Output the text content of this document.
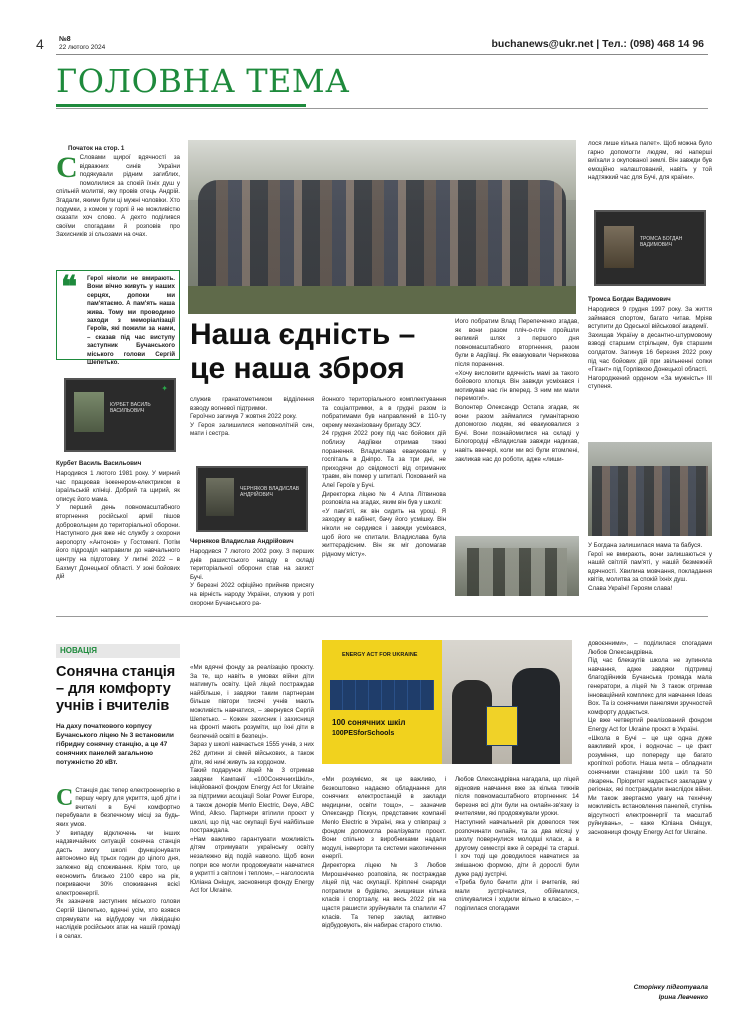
4 №8
22 лютого 2024	buchanews@ukr.net | Тел.: (098) 468 14 96
ГОЛОВНА ТЕМА
Початок на стор. 1
С Словами щирої вдячності за відважних синів України подякували рідним загиблих, помолилися за спокій їхніх душ у спільній молитві, яку провів отець Андрій. Згадали, якими були ці мужні чоловіки. Хто подумки, з комом у горлі й не можливістю сказати хоч слово. А дехто поділився своїми спогадами й розповів про Захисників зі сльозами на очах.
❝ Герої ніколи не вмирають. Вони вічно живуть у наших серцях, допоки ми пам'ятаємо. А пам'ять наша жива. Тому ми проводимо заходи з меморіалізації Героїв, які пожили за нами, – сказав під час виступу заступник Бучанського міського голови Сергій Шепетько.
КУРБЕТ ВАСИЛЬ ВАСИЛЬОВИЧ
✦
Курбет Василь Васильович
Народився 1 лютого 1981 року. У мирний час працював інженером-електриком в ізраїльській клініці. Добрий та щирий, як описує його мама.
У перший день повномасштабного вторгнення російської армії пішов добровольцем до територіальної оборони. Наступного дня вже ніс службу з охорони аеропорту «Антонов» у Гостомелі. Потім його підрозділ направили до навчального центру на підготовку. У липні 2022 – в Бахмут Донецької області. У зоні бойових дій
Наша єдність –
це наша зброя
служив гранатометником відділення взводу вогневої підтримки.
Героїчно загинув 7 жовтня 2022 року.
У Героя залишилися неповнолітній син, мати і сестра.
ЧЕРНЯКОВ ВЛАДИСЛАВ АНДРІЙОВИЧ
Черняков Владислав Андрійович
Народився 7 лютого 2002 року. З перших днів рашистського нападу в складі територіальної оборони став на захист Бучі.
У березні 2022 офіційно прийняв присягу на вірність народу України, служив у роті охорони Бучанського ра-
йонного територіального комплектування та соціалтримки, а в грудні разом із побратимами був направлений в 110-ту окрему механізовану бригаду ЗСУ.
24 грудня 2022 року під час бойових дій поблизу Авдіївки отримав тяжкі поранення. Владислава евакуювали у госпіталь в Дніпро. Та за три дні, не приходячи до свідомості від отриманих травм, він помер у шпиталі. Похований на Алеї Героїв у Бучі.
Директорка ліцею № 4 Алла Літвинова розповіла на згадах, яким він був у школі:
«У пам'яті, як він сидить на уроці. Я заходжу в кабінет, бачу його усмішку. Він ніколи не сердився і завжди усміхався, щоб його не спитали. Владислава була життєрадісним. Він як міг допомагав рідному місту».
Його побратим Влад Перепеченко згадав, як вони разом пліч-о-пліч пройшли великий шлях з першого дня повномасштабного вторгнення, разом були в Авдіївці. Як евакуювали Чернякова після поранення.
«Хочу висловити вдячність мамі за такого бойового хлопця. Він завжди усміхався і мотивував нас гін вперед. З ним ми мали перемоги!».
Волонтер Олександр Остапа згадав, як вони разом займалися гуманітарною допомогою людям, які евакуювалися з Бучі. Вони познайомилися на складі у Білогородці «Владислав завжди надихав, навіть ввечері, коли ми всі були втомлені, закликав нас до роботи, адже «лиши-
лося лише кілька палет». Щоб можна було гарно допомогти людям, які наперші виїхали з окупованої землі. Він завжди був емоційно налаштований, навіть у той надтяжкий час для Бучі, для країни».
ТРОМСА БОГДАН ВАДИМОВИЧ
Тромса Богдан Вадимович
Народився 9 грудня 1997 року. За життя займався спортом, багато читав. Мріяв вступити до Одеської військової академії.
Захищав Україну в десантно-штурмовому взводі старшим стрільцем, був старшим солдатом. Загинув 16 березня 2022 року під час бойових дій при звільненні сопки «Гігант» під Горлівкою Донецької області.
Нагороджений орденом «За мужність» III ступеня.
У Богдана залишилася мама та бабуся.
Герої не вмирають, вони залишаються у нашій світлій пам'яті, у нашій безмежній вдячності. Хвилина мовчання, покладання квітів, молитва за спокій їхніх душ.
Слава Україні! Героям слава!
НОВАЦІЯ
Сонячна станція – для комфорту учнів і вчителів
На даху початкового корпусу Бучанського ліцею № 3 встановили гібридну сонячну станцію, а це 47 сонячних панелей загальною потужністю 20 кВт.

С Станція дає тепер електроенергію в першу чергу для укриття, щоб діти і вчителі в Бучі комфортно перебували в безпечному місці за будь-яких умов.
У випадку відключень чи інших надзвичайних ситуацій сонячна станція дасть змогу школі функціонувати автономно від трьох годин до цілого дня, залежно від споживання. Крім того, це економить близько 2100 євро на рік, покриваючи 30% споживання всієї електроенергії.
Як зазначив заступник міського голови Сергій Шепетько, вдячні усім, хто взявся спрямувати на відбудову чи ліквідацію наслідків російських атак на нашій громаді і в селах.

«Ми вдячні фонду за реалізацію проєкту. За те, що навіть в умовах війни діти матимуть освіту. Цей ліцей постраждав найбільше, і завдяки таким партнерам більше півтори тисячі учнів мають можливість навчатися, – звернувся Сергій Шепетько. – Кожен захисник і захисниця на фронті мають розуміти, що їхні діти в безпечній освіті в безпеці».
Зараз у школі навчається 1555 учнів, з них 262 дитини зі сімей військових, а також діти, які нині живуть за кордоном.
Такий подарунок ліцей № 3 отримав завдяки Кампанії «100СонячнихШкіл», ініційованої фондом Energy Act for Ukraine за підтримки асоціації Solar Power Europe, а також донорів Menlo Electric, Deye, ABC Wind, Alkso. Партнери втілили проєкт у школі, що під час окупації Бучі найбільше постраждала.
«Нам важливо гарантувати можливість дітям отримувати українську освіту незалежно від подій навколо. Щоб вони попри все могли продовжувати навчатися в укритті з світлом і теплом», – наголосила Юліана Оніщук, засновниця фонду Energy Act for Ukraine.
ENERGY ACT FOR UKRAINE
100 сонячних шкіл
100PESforSchools
«Ми розуміємо, як це важливо, і безкоштовно надаємо обладнання для сонячних електростанцій в заклади медицини, освіти тощо», – зазначив Олександр Піскун, представник компанії Menlo Electric в Україні, яка у співпраці з фондом допомогла реалізувати проєкт. Вони спільно з виробниками надали модулі, інвертори та системи накопичення енергії.
Директорка ліцею № 3 Любов Мирошніченко розповіла, як постраждав ліцей під час окупації. Кріплені снаряди потрапили в будівлю, знищивши кілька класів і спортзалу, на весь 2022 рік на щастя рашисти зруйнували та спалили 47 класів. Та тепер заклад активно відбудовують, він набирає старого стилю.
Любов Олександрівна нагадала, що ліцей відновив навчання вже за кілька тижнів після повномасштабного вторгнення: 14 березня всі діти були на онлайн-зв'язку із вчителями, які продовжували уроки.
Наступний навчальний рік довелося теж розпочинати онлайн, та за два місяці у школу повернулися молодші класи, а в другому семестрі вже й середні та старші. І хоч тоді ще доводилося навчатися за змішаною формою, діти й дорослі були дуже раді зустрічі.
«Треба було бачити діти і вчителів, які мали зустрічалися, обіймалися, спілкувалися і ходили вільно в класах», – поділилася спогадами
довоєнними», – поділилася спогадами Любов Олександрівна.
Під час блекаутів школа не зупиняла навчання, адже завдяки підтримці благодійників Бучанська громада мала генератори, а ліцей № 3 також отримав інноваційний комплекс для навчання Ideas Box. Та із сонячними панелями зручностей комфорту додається.
Це вже четвертий реалізований фондом Energy Act for Ukraine проєкт в Україні.
«Школа в Бучі – це ще одна дуже важливий крок, і водночас – це факт розуміння, що попереду ще багато кропіткої роботи. Наша мета – обладнати сонячними станціями 100 шкіл та 50 лікарень. Пріоритет надається закладам у регіонах, які постраждали внаслідок війни. Ми також звертаємо увагу на технічну можливість встановлення панелей, ступінь відсутності електроенергії та масштаб руйнувань», – каже Юліана Оніщук, засновниця фонду Energy Act for Ukraine.
Сторінку підготувала
Ірина Левченко
